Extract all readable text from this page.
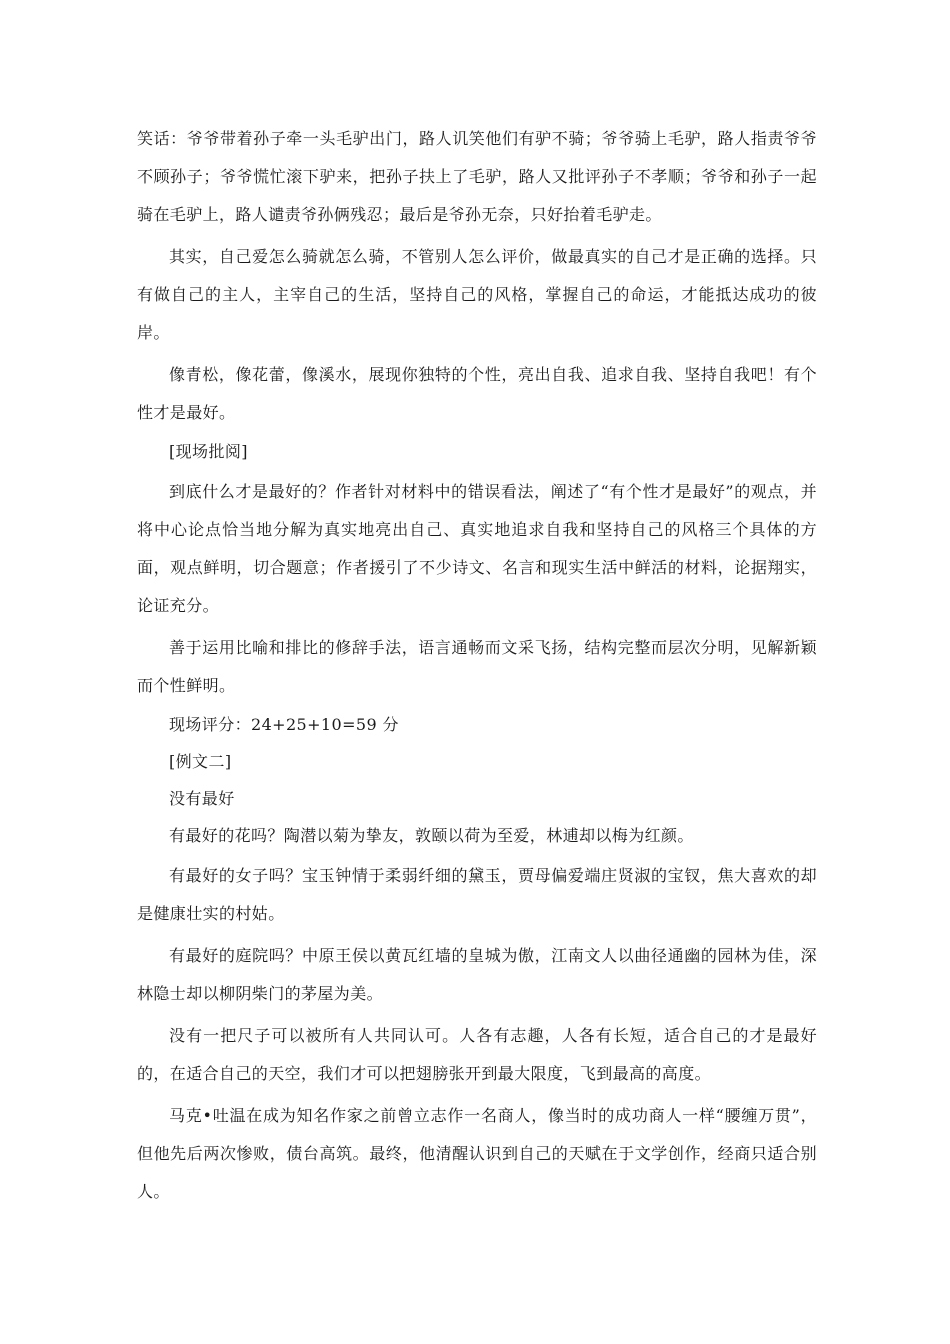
笑话：爷爷带着孙子牵一头毛驴出门，路人讥笑他们有驴不骑；爷爷骑上毛驴，路人指责爷爷不顾孙子；爷爷慌忙滚下驴来，把孙子扶上了毛驴，路人又批评孙子不孝顺；爷爷和孙子一起骑在毛驴上，路人谴责爷孙俩残忍；最后是爷孙无奈，只好抬着毛驴走。

其实，自己爱怎么骑就怎么骑，不管别人怎么评价，做最真实的自己才是正确的选择。只有做自己的主人，主宰自己的生活，坚持自己的风格，掌握自己的命运，才能抵达成功的彼岸。

像青松，像花蕾，像溪水，展现你独特的个性，亮出自我、追求自我、坚持自我吧！有个性才是最好。

[现场批阅]

到底什么才是最好的？作者针对材料中的错误看法，阐述了“有个性才是最好”的观点，并将中心论点恰当地分解为真实地亮出自己、真实地追求自我和坚持自己的风格三个具体的方面，观点鲜明，切合题意；作者援引了不少诗文、名言和现实生活中鲜活的材料，论据翔实，论证充分。

善于运用比喻和排比的修辞手法，语言通畅而文采飞扬，结构完整而层次分明，见解新颖而个性鲜明。

现场评分：24+25+10=59 分

[例文二]

没有最好

有最好的花吗？陶潜以菊为挚友，敦颐以荷为至爱，林逋却以梅为红颜。

有最好的女子吗？宝玉钟情于柔弱纤细的黛玉，贾母偏爱端庄贤淑的宝钗，焦大喜欢的却是健康壮实的村姑。

有最好的庭院吗？中原王侯以黄瓦红墙的皇城为傲，江南文人以曲径通幽的园林为佳，深林隐士却以柳阴柴门的茅屋为美。

没有一把尺子可以被所有人共同认可。人各有志趣，人各有长短，适合自己的才是最好的，在适合自己的天空，我们才可以把翅膀张开到最大限度，飞到最高的高度。

马克•吐温在成为知名作家之前曾立志作一名商人，像当时的成功商人一样“腰缠万贯”，但他先后两次惨败，债台高筑。最终，他清醒认识到自己的天赋在于文学创作，经商只适合别人。
